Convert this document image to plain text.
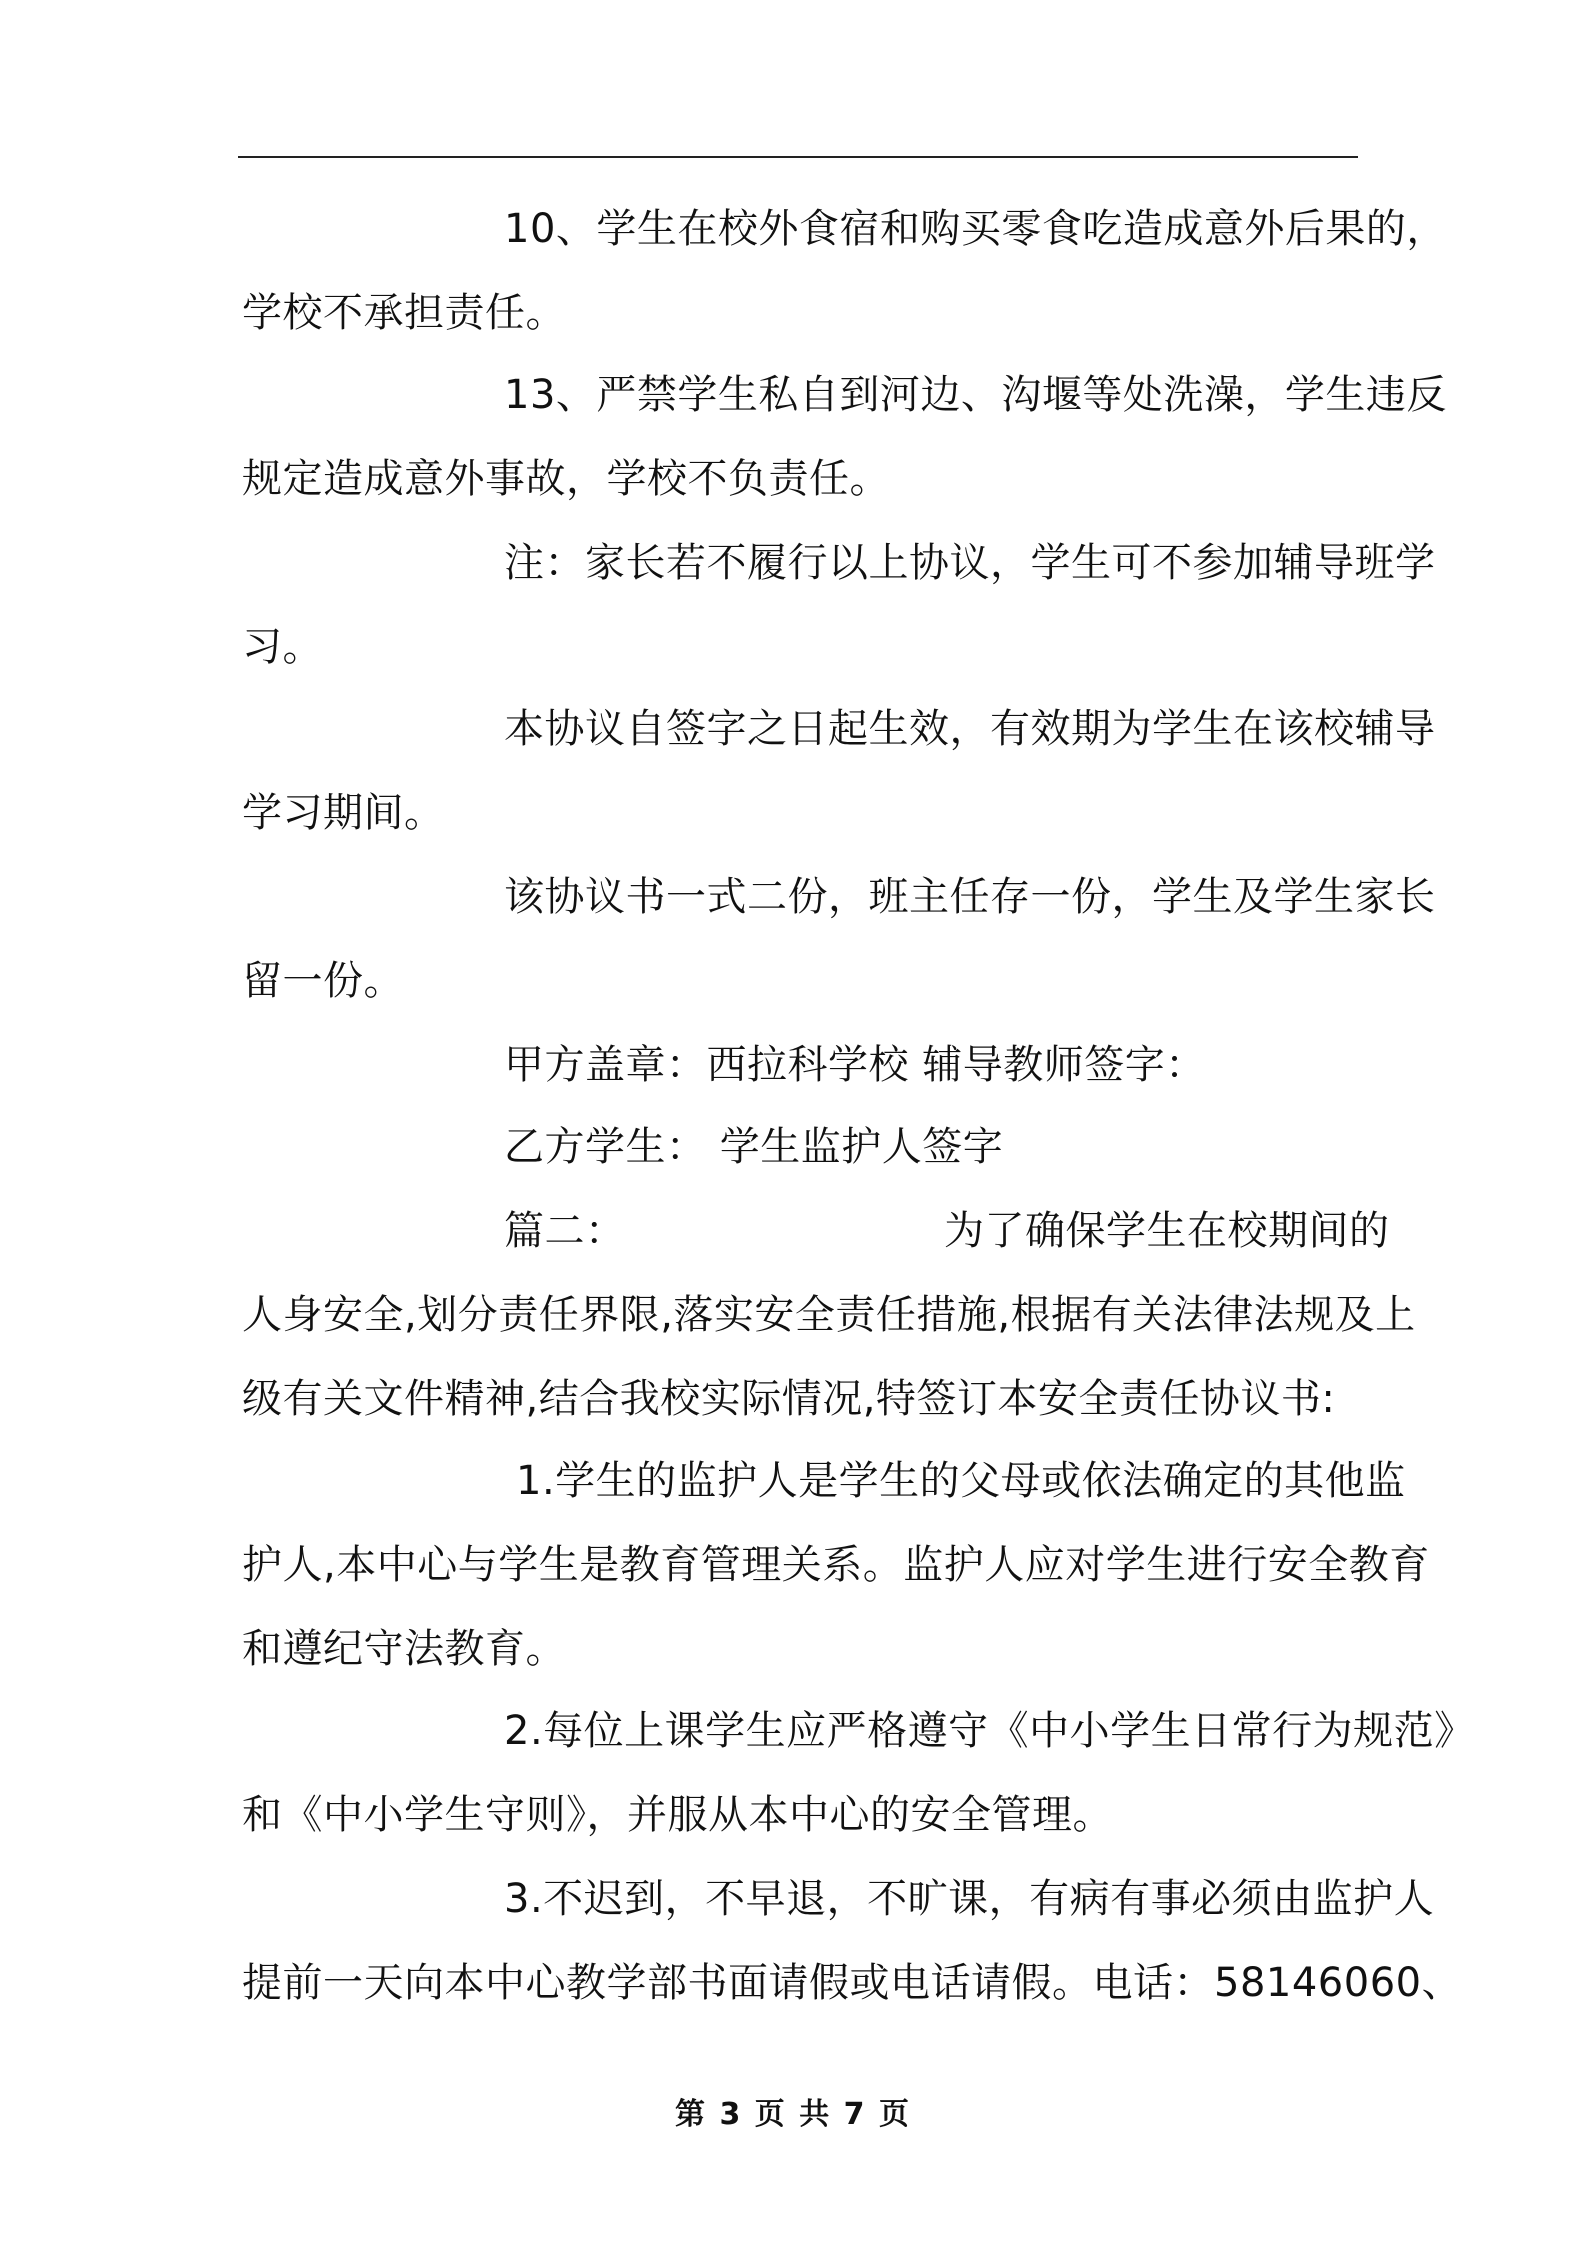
10、学生在校外食宿和购买零食吃造成意外后果的，
学校不承担责任。
13、严禁学生私自到河边、沟堰等处洗澡，学生违反
规定造成意外事故，学校不负责任。
注：家长若不履行以上协议，学生可不参加辅导班学
习。
本协议自签字之日起生效，有效期为学生在该校辅导
学习期间。
该协议书一式二份，班主任存一份，学生及学生家长
留一份。
甲方盖章：西拉科学校 辅导教师签字：
乙方学生： 学生监护人签字
篇二：	为了确保学生在校期间的
人身安全,划分责任界限,落实安全责任措施,根据有关法律法规及上
级有关文件精神,结合我校实际情况,特签订本安全责任协议书:
1.学生的监护人是学生的父母或依法确定的其他监
护人,本中心与学生是教育管理关系。监护人应对学生进行安全教育
和遵纪守法教育。
2.每位上课学生应严格遵守《中小学生日常行为规范》
和《中小学生守则》，并服从本中心的安全管理。
3.不迟到，不早退，不旷课，有病有事必须由监护人
提前一天向本中心教学部书面请假或电话请假。电话：58146060、
第 3 页 共 7 页
